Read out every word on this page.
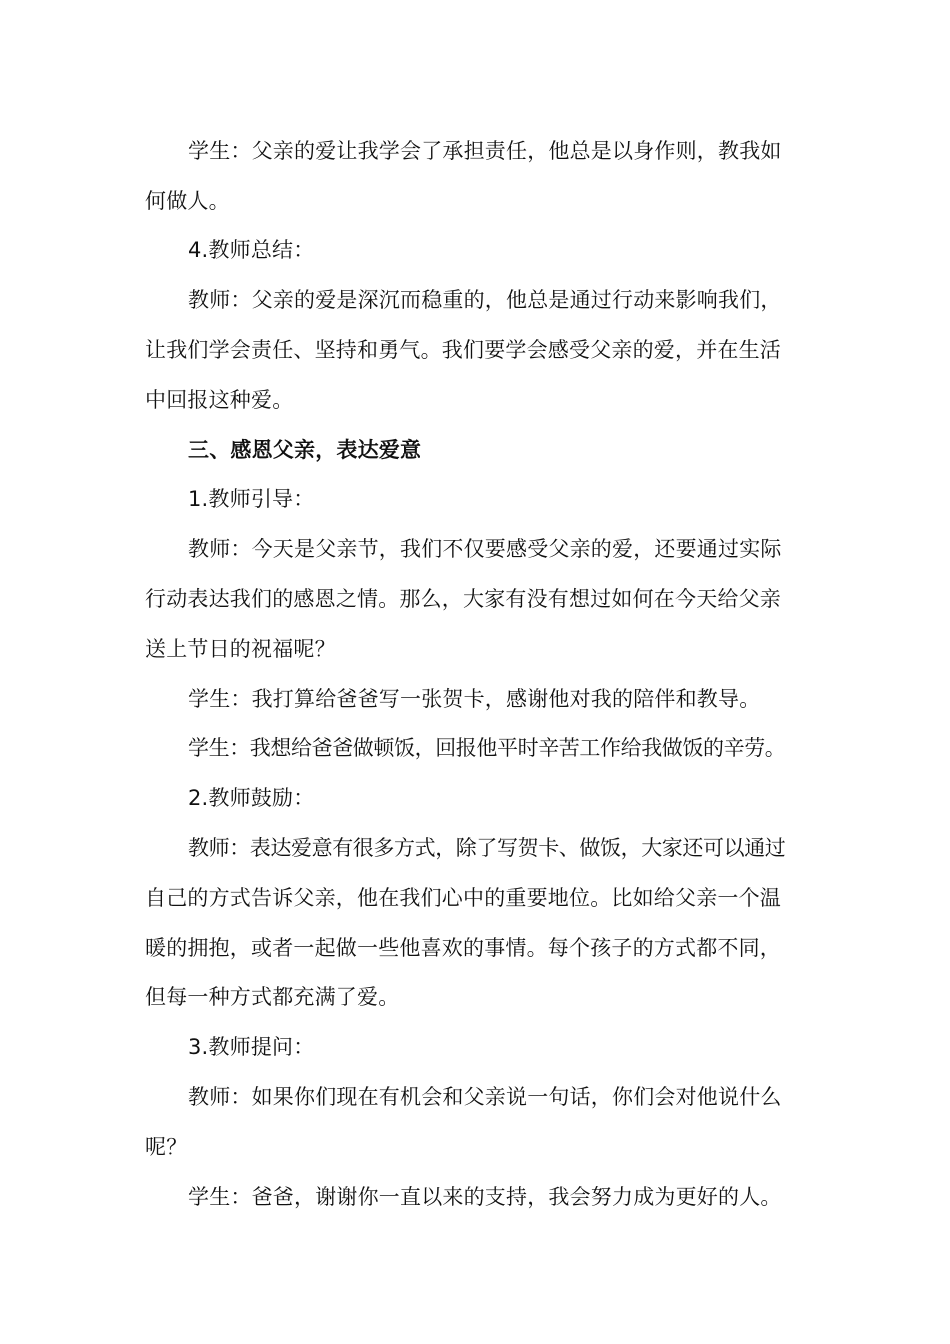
学生：父亲的爱让我学会了承担责任，他总是以身作则，教我如
何做人。
4.教师总结：
教师：父亲的爱是深沉而稳重的，他总是通过行动来影响我们，
让我们学会责任、坚持和勇气。我们要学会感受父亲的爱，并在生活
中回报这种爱。
三、感恩父亲，表达爱意
1.教师引导：
教师：今天是父亲节，我们不仅要感受父亲的爱，还要通过实际
行动表达我们的感恩之情。那么，大家有没有想过如何在今天给父亲
送上节日的祝福呢？
学生：我打算给爸爸写一张贺卡，感谢他对我的陪伴和教导。
学生：我想给爸爸做顿饭，回报他平时辛苦工作给我做饭的辛劳。
2.教师鼓励：
教师：表达爱意有很多方式，除了写贺卡、做饭，大家还可以通过
自己的方式告诉父亲，他在我们心中的重要地位。比如给父亲一个温
暖的拥抱，或者一起做一些他喜欢的事情。每个孩子的方式都不同，
但每一种方式都充满了爱。
3.教师提问：
教师：如果你们现在有机会和父亲说一句话，你们会对他说什么
呢？
学生：爸爸，谢谢你一直以来的支持，我会努力成为更好的人。
